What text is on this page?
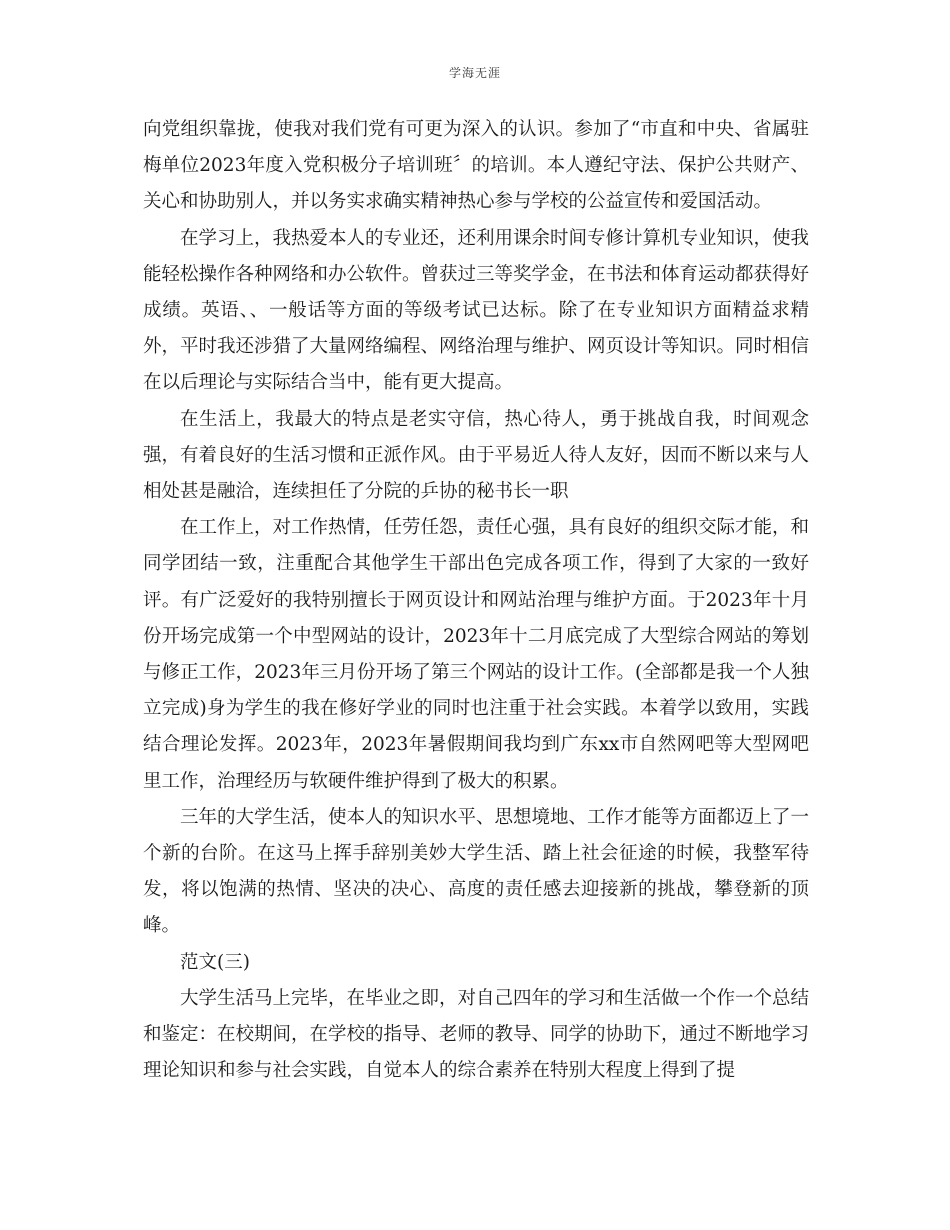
学海无涯

向党组织靠拢，使我对我们党有可更为深入的认识。参加了“市直和中央、省属驻梅单位2023年度入党积极分子培训班〞的培训。本人遵纪守法、保护公共财产、关心和协助别人，并以务实求确实精神热心参与学校的公益宣传和爱国活动。

在学习上，我热爱本人的专业还，还利用课余时间专修计算机专业知识，使我能轻松操作各种网络和办公软件。曾获过三等奖学金，在书法和体育运动都获得好成绩。英语、、一般话等方面的等级考试已达标。除了在专业知识方面精益求精外，平时我还涉猎了大量网络编程、网络治理与维护、网页设计等知识。同时相信在以后理论与实际结合当中，能有更大提高。

在生活上，我最大的特点是老实守信，热心待人，勇于挑战自我，时间观念强，有着良好的生活习惯和正派作风。由于平易近人待人友好，因而不断以来与人相处甚是融洽，连续担任了分院的乒协的秘书长一职

在工作上，对工作热情，任劳任怨，责任心强，具有良好的组织交际才能，和同学团结一致，注重配合其他学生干部出色完成各项工作，得到了大家的一致好评。有广泛爱好的我特别擅长于网页设计和网站治理与维护方面。于2023年十月份开场完成第一个中型网站的设计，2023年十二月底完成了大型综合网站的筹划与修正工作，2023年三月份开场了第三个网站的设计工作。(全部都是我一个人独立完成)身为学生的我在修好学业的同时也注重于社会实践。本着学以致用，实践结合理论发挥。2023年，2023年暑假期间我均到广东xx市自然网吧等大型网吧里工作，治理经历与软硬件维护得到了极大的积累。

三年的大学生活，使本人的知识水平、思想境地、工作才能等方面都迈上了一个新的台阶。在这马上挥手辞别美妙大学生活、踏上社会征途的时候，我整军待发，将以饱满的热情、坚决的决心、高度的责任感去迎接新的挑战，攀登新的顶峰。

范文(三)

大学生活马上完毕，在毕业之即，对自己四年的学习和生活做一个作一个总结和鉴定：在校期间，在学校的指导、老师的教导、同学的协助下，通过不断地学习理论知识和参与社会实践，自觉本人的综合素养在特别大程度上得到了提
